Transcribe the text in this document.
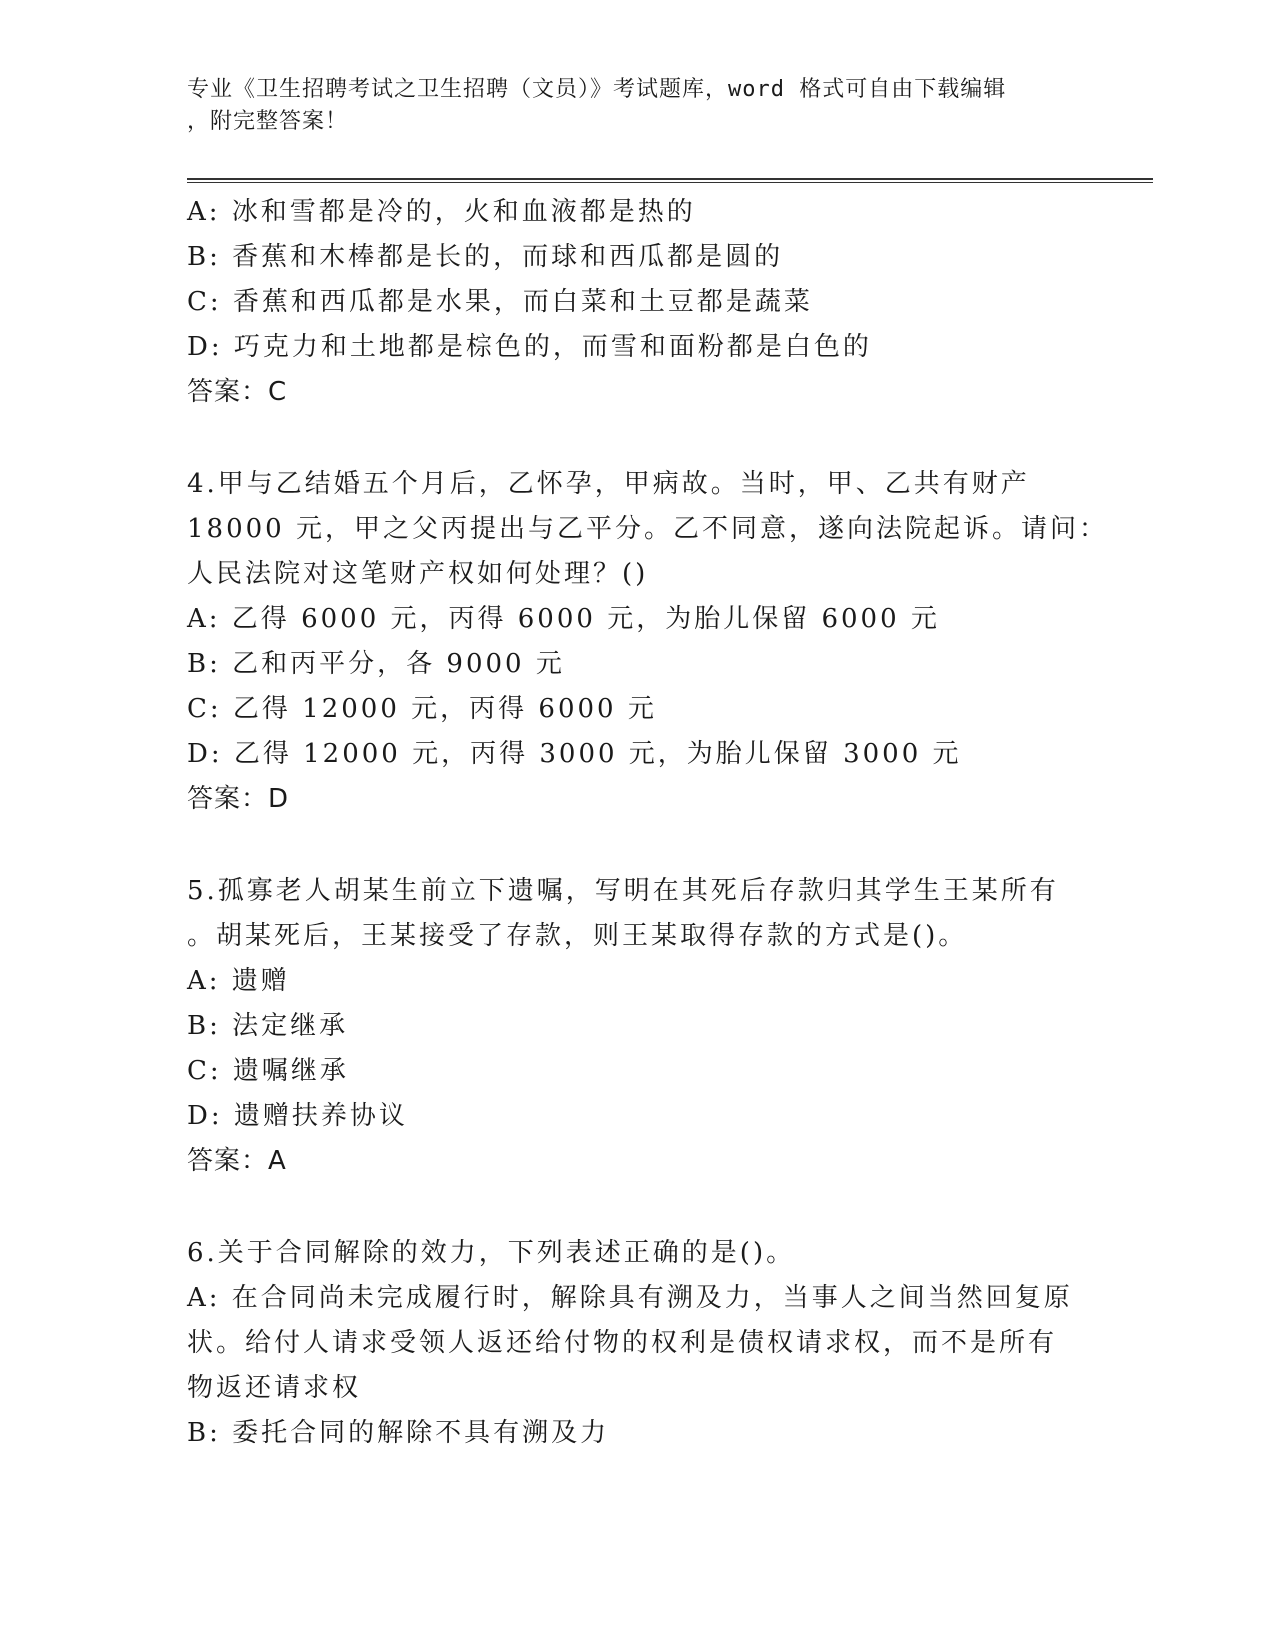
专业《卫生招聘考试之卫生招聘（文员）》考试题库，word 格式可自由下载编辑
，附完整答案！
A: 冰和雪都是冷的，火和血液都是热的
B: 香蕉和木棒都是长的，而球和西瓜都是圆的
C: 香蕉和西瓜都是水果，而白菜和土豆都是蔬菜
D: 巧克力和土地都是棕色的，而雪和面粉都是白色的
答案：C
4.甲与乙结婚五个月后，乙怀孕，甲病故。当时，甲、乙共有财产
18000 元，甲之父丙提出与乙平分。乙不同意，遂向法院起诉。请问：
人民法院对这笔财产权如何处理？()
A: 乙得 6000 元，丙得 6000 元，为胎儿保留 6000 元
B: 乙和丙平分，各 9000 元
C: 乙得 12000 元，丙得 6000 元
D: 乙得 12000 元，丙得 3000 元，为胎儿保留 3000 元
答案：D
5.孤寡老人胡某生前立下遗嘱，写明在其死后存款归其学生王某所有
。胡某死后，王某接受了存款，则王某取得存款的方式是()。
A: 遗赠
B: 法定继承
C: 遗嘱继承
D: 遗赠扶养协议
答案：A
6.关于合同解除的效力，下列表述正确的是()。
A: 在合同尚未完成履行时，解除具有溯及力，当事人之间当然回复原
状。给付人请求受领人返还给付物的权利是债权请求权，而不是所有
物返还请求权
B: 委托合同的解除不具有溯及力
